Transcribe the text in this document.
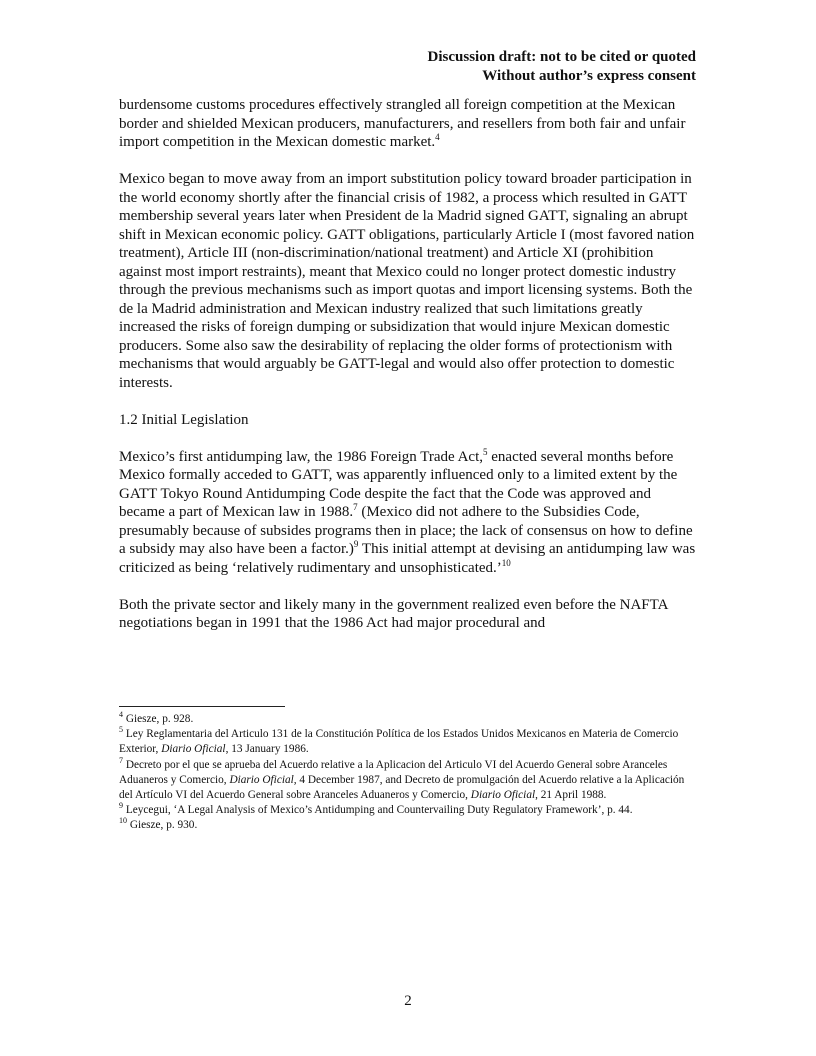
Discussion draft: not to be cited or quoted
Without author’s express consent

burdensome customs procedures effectively strangled all foreign competition at the Mexican border and shielded Mexican producers, manufacturers, and resellers from both fair and unfair import competition in the Mexican domestic market.$^4$

Mexico began to move away from an import substitution policy toward broader participation in the world economy shortly after the financial crisis of 1982, a process which resulted in GATT membership several years later when President de la Madrid signed GATT, signaling an abrupt shift in Mexican economic policy. GATT obligations, particularly Article I (most favored nation treatment), Article III (non-discrimination/national treatment) and Article XI (prohibition against most import restraints), meant that Mexico could no longer protect domestic industry through the previous mechanisms such as import quotas and import licensing systems. Both the de la Madrid administration and Mexican industry realized that such limitations greatly increased the risks of foreign dumping or subsidization that would injure Mexican domestic producers. Some also saw the desirability of replacing the older forms of protectionism with mechanisms that would arguably be GATT-legal and would also offer protection to domestic interests.

1.2 Initial Legislation

Mexico’s first antidumping law, the 1986 Foreign Trade Act,$^5$ enacted several months before Mexico formally acceded to GATT, was apparently influenced only to a limited extent by the GATT Tokyo Round Antidumping Code despite the fact that the Code was approved and became a part of Mexican law in 1988.$^7$ (Mexico did not adhere to the Subsidies Code, presumably because of subsides programs then in place; the lack of consensus on how to define a subsidy may also have been a factor.)$^9$ This initial attempt at devising an antidumping law was criticized as being ‘relatively rudimentary and unsophisticated.’$^{10}$

Both the private sector and likely many in the government realized even before the NAFTA negotiations began in 1991 that the 1986 Act had major procedural and

$^4$ Giesze, p. 928.

$^5$ Ley Reglamentaria del Articulo 131 de la Constitución Política de los Estados Unidos Mexicanos en Materia de Comercio Exterior, Diario Oficial, 13 January 1986.

$^7$ Decreto por el que se aprueba del Acuerdo relative a la Aplicacion del Articulo VI del Acuerdo General sobre Aranceles Aduaneros y Comercio, Diario Oficial, 4 December 1987, and Decreto de promulgación del Acuerdo relative a la Aplicación del Artículo VI del Acuerdo General sobre Aranceles Aduaneros y Comercio, Diario Oficial, 21 April 1988.

$^9$ Leycegui, ‘A Legal Analysis of Mexico’s Antidumping and Countervailing Duty Regulatory Framework’, p. 44.

$^{10}$ Giesze, p. 930.

2
